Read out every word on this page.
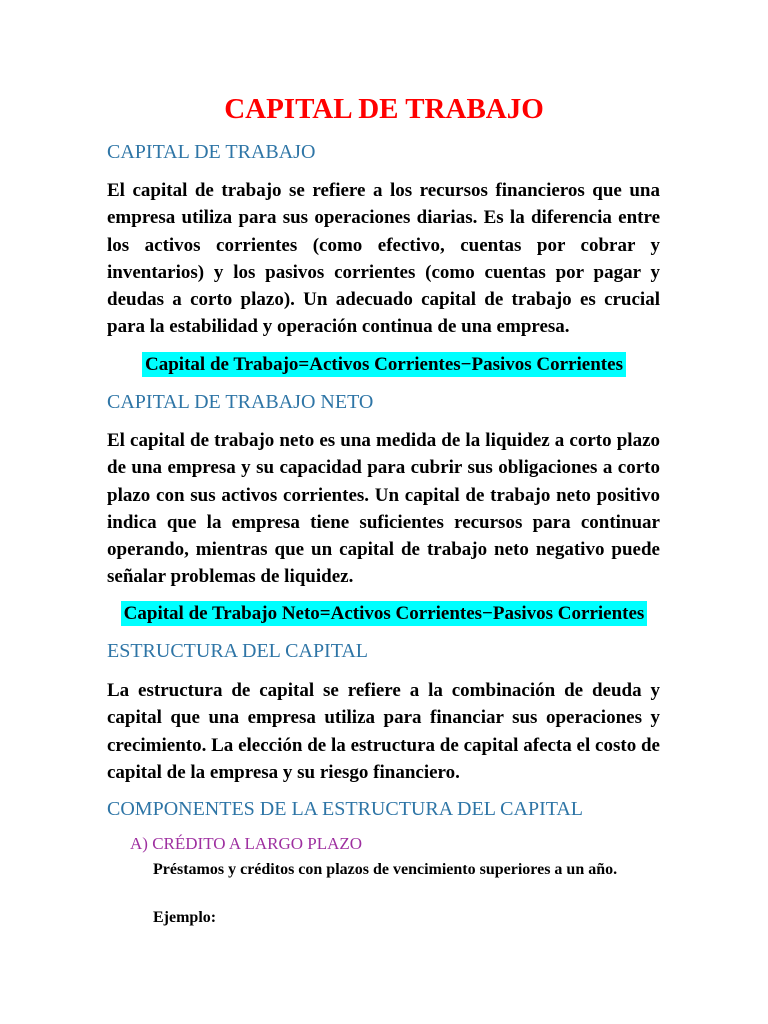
CAPITAL DE TRABAJO
CAPITAL DE TRABAJO

El capital de trabajo se refiere a los recursos financieros que una empresa utiliza para sus operaciones diarias. Es la diferencia entre los activos corrientes (como efectivo, cuentas por cobrar y inventarios) y los pasivos corrientes (como cuentas por pagar y deudas a corto plazo). Un adecuado capital de trabajo es crucial para la estabilidad y operación continua de una empresa.

Capital de Trabajo=Activos Corrientes−Pasivos Corrientes
CAPITAL DE TRABAJO NETO

El capital de trabajo neto es una medida de la liquidez a corto plazo de una empresa y su capacidad para cubrir sus obligaciones a corto plazo con sus activos corrientes. Un capital de trabajo neto positivo indica que la empresa tiene suficientes recursos para continuar operando, mientras que un capital de trabajo neto negativo puede señalar problemas de liquidez.

Capital de Trabajo Neto=Activos Corrientes−Pasivos Corrientes
ESTRUCTURA DEL CAPITAL

La estructura de capital se refiere a la combinación de deuda y capital que una empresa utiliza para financiar sus operaciones y crecimiento. La elección de la estructura de capital afecta el costo de capital de la empresa y su riesgo financiero.

COMPONENTES DE LA ESTRUCTURA DEL CAPITAL
A) CRÉDITO A LARGO PLAZO

Préstamos y créditos con plazos de vencimiento superiores a un año.

Ejemplo:
